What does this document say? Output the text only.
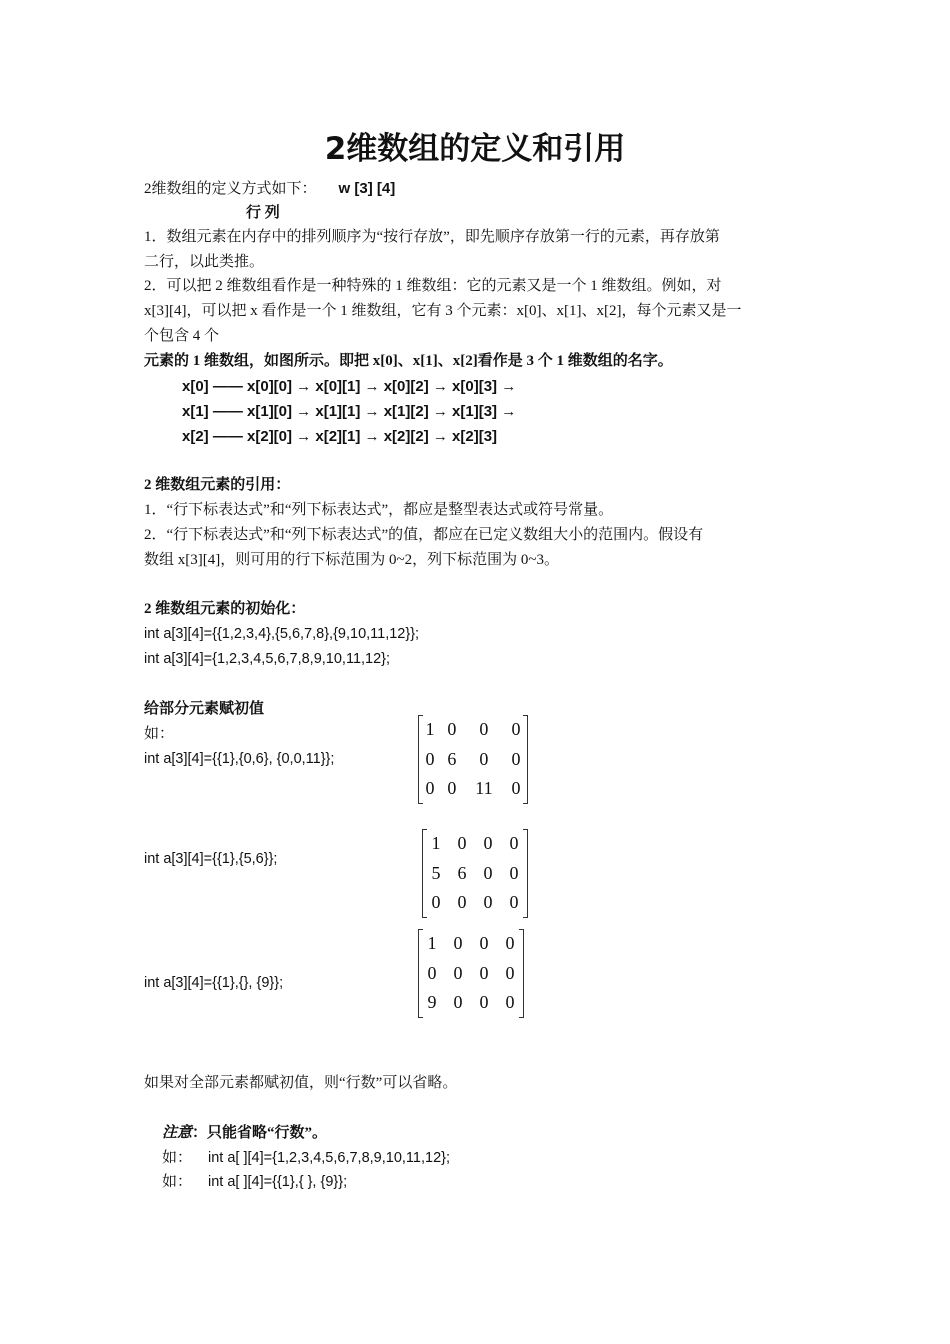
2维数组的定义和引用
2维数组的定义方式如下： w [3] [4]
行 列
1．数组元素在内存中的排列顺序为“按行存放”，即先顺序存放第一行的元素，再存放第
二行，以此类推。
2．可以把 2 维数组看作是一种特殊的 1 维数组：它的元素又是一个 1 维数组。例如，对
x[3][4]，可以把 x 看作是一个 1 维数组，它有 3 个元素：x[0]、x[1]、x[2]，每个元素又是一
个包含 4 个
元素的 1 维数组，如图所示。即把 x[0]、x[1]、x[2]看作是 3 个 1 维数组的名字。
x[0] —— x[0][0] → x[0][1] → x[0][2] → x[0][3] →
x[1] —— x[1][0] → x[1][1] → x[1][2] → x[1][3] →
x[2] —— x[2][0] → x[2][1] → x[2][2] → x[2][3]
2 维数组元素的引用：
1．“行下标表达式”和“列下标表达式”，都应是整型表达式或符号常量。
2．“行下标表达式”和“列下标表达式”的值，都应在已定义数组大小的范围内。假设有
数组 x[3][4]，则可用的行下标范围为 0~2，列下标范围为 0~3。
2 维数组元素的初始化：
int a[3][4]={{1,2,3,4},{5,6,7,8},{9,10,11,12}};
int a[3][4]={1,2,3,4,5,6,7,8,9,10,11,12};
给部分元素赋初值
如：
int a[3][4]={{1},{0,6}, {0,0,11}};
1	0	0	0
0	6	0	0
0	0	11	0
int a[3][4]={{1},{5,6}};
1	0	0	0
5	6	0	0
0	0	0	0
int a[3][4]={{1},{}, {9}};
1	0	0	0
0	0	0	0
9	0	0	0
如果对全部元素都赋初值，则“行数”可以省略。
注意：只能省略“行数”。
如： int a[ ][4]={1,2,3,4,5,6,7,8,9,10,11,12};
如： int a[ ][4]={{1},{ }, {9}};
